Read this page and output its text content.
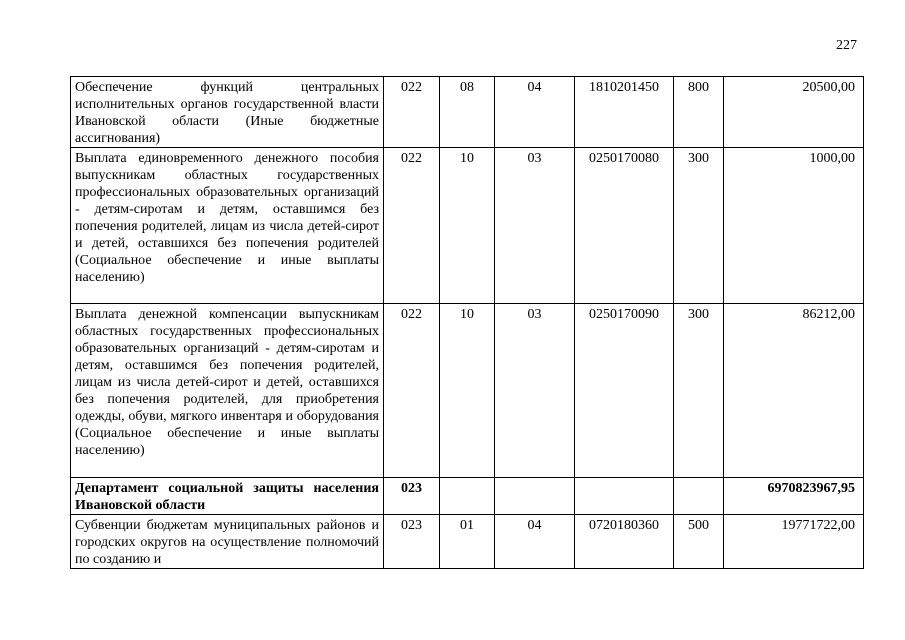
227
Обеспечение функций центральных исполнительных органов государственной власти Ивановской области (Иные бюджетные ассигнования)	022	08	04	1810201450	800	20500,00
Выплата единовременного денежного пособия выпускникам областных государственных профессиональных образовательных организаций - детям-сиротам и детям, оставшимся без попечения родителей, лицам из числа детей-сирот и детей, оставшихся без попечения родителей (Социальное обеспечение и иные выплаты населению)	022	10	03	0250170080	300	1000,00
Выплата денежной компенсации выпускникам областных государственных профессиональных образовательных организаций - детям-сиротам и детям, оставшимся без попечения родителей, лицам из числа детей-сирот и детей, оставшихся без попечения родителей, для приобретения одежды, обуви, мягкого инвентаря и оборудования (Социальное обеспечение и иные выплаты населению)	022	10	03	0250170090	300	86212,00
Департамент социальной защиты населения Ивановской области	023					6970823967,95
Субвенции бюджетам муниципальных районов и городских округов на осуществление полномочий по созданию и	023	01	04	0720180360	500	19771722,00
